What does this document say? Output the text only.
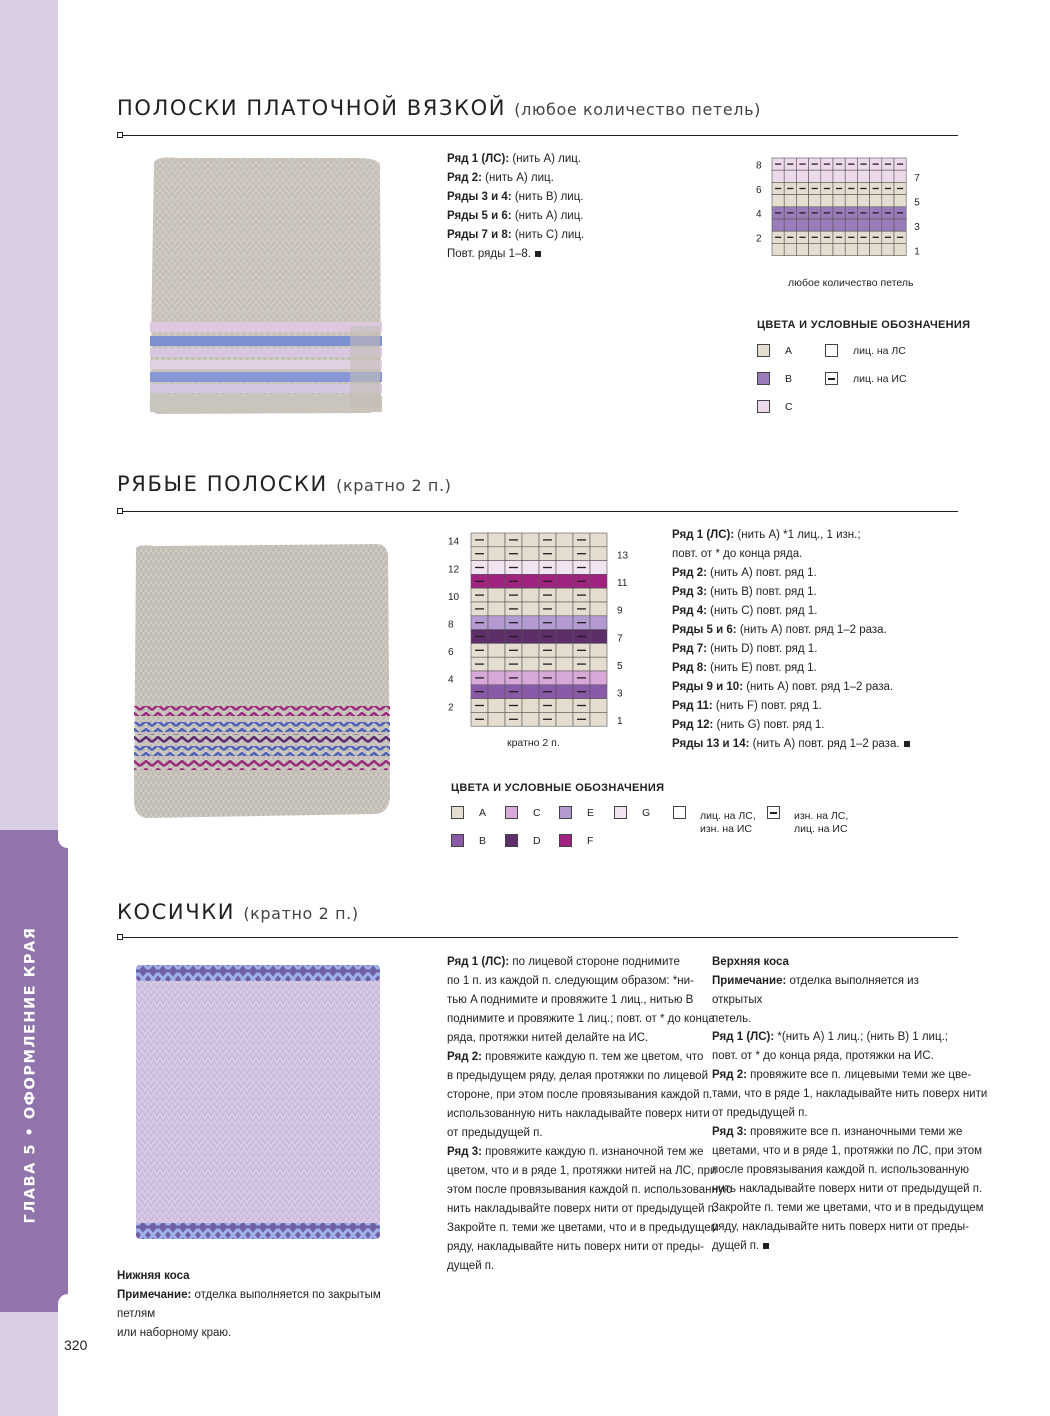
ГЛАВА 5 • ОФОРМЛЕНИЕ КРАЯ
320
ПОЛОСКИ ПЛАТОЧНОЙ ВЯЗКОЙ (любое количество петель)
Ряд 1 (ЛС): (нить A) лиц.
Ряд 2: (нить A) лиц.
Ряды 3 и 4: (нить B) лиц.
Ряды 5 и 6: (нить A) лиц.
Ряды 7 и 8: (нить C) лиц.
Повт. ряды 1–8.
8
6
4
2
7
5
3
1
любое количество петель
ЦВЕТА И УСЛОВНЫЕ ОБОЗНАЧЕНИЯ
A
B
C
лиц. на ЛС
лиц. на ИС
РЯБЫЕ ПОЛОСКИ (кратно 2 п.)
14
12
10
8
6
4
2
13
11
9
7
5
3
1
кратно 2 п.
Ряд 1 (ЛС): (нить A) *1 лиц., 1 изн.;
повт. от * до конца ряда.
Ряд 2: (нить A) повт. ряд 1.
Ряд 3: (нить B) повт. ряд 1.
Ряд 4: (нить C) повт. ряд 1.
Ряды 5 и 6: (нить A) повт. ряд 1–2 раза.
Ряд 7: (нить D) повт. ряд 1.
Ряд 8: (нить E) повт. ряд 1.
Ряды 9 и 10: (нить A) повт. ряд 1–2 раза.
Ряд 11: (нить F) повт. ряд 1.
Ряд 12: (нить G) повт. ряд 1.
Ряды 13 и 14: (нить A) повт. ряд 1–2 раза.
ЦВЕТА И УСЛОВНЫЕ ОБОЗНАЧЕНИЯ
A
B
C
D
E
F
G	лиц. на ЛС,
изн. на ИС
изн. на ЛС,
лиц. на ИС
КОСИЧКИ (кратно 2 п.)
Нижняя коса
Примечание: отделка выполняется по закрытым петлям
или наборному краю.
Ряд 1 (ЛС): по лицевой стороне поднимите
по 1 п. из каждой п. следующим образом: *ни-
тью A поднимите и провяжите 1 лиц., нитью B
поднимите и провяжите 1 лиц.; повт. от * до конца
ряда, протяжки нитей делайте на ИС.
Ряд 2: провяжите каждую п. тем же цветом, что
в предыдущем ряду, делая протяжки по лицевой
стороне, при этом после провязывания каждой п.
использованную нить накладывайте поверх нити
от предыдущей п.
Ряд 3: провяжите каждую п. изнаночной тем же
цветом, что и в ряде 1, протяжки нитей на ЛС, при
этом после провязывания каждой п. использованную
нить накладывайте поверх нити от предыдущей п.
Закройте п. теми же цветами, что и в предыдущем
ряду, накладывайте нить поверх нити от преды-
дущей п.
Верхняя коса
Примечание: отделка выполняется из открытых
петель.
Ряд 1 (ЛС): *(нить A) 1 лиц.; (нить B) 1 лиц.;
повт. от * до конца ряда, протяжки на ИС.
Ряд 2: провяжите все п. лицевыми теми же цве-
тами, что в ряде 1, накладывайте нить поверх нити
от предыдущей п.
Ряд 3: провяжите все п. изнаночными теми же
цветами, что и в ряде 1, протяжки по ЛС, при этом
после провязывания каждой п. использованную
нить накладывайте поверх нити от предыдущей п.
Закройте п. теми же цветами, что и в предыдущем
ряду, накладывайте нить поверх нити от преды-
дущей п.
